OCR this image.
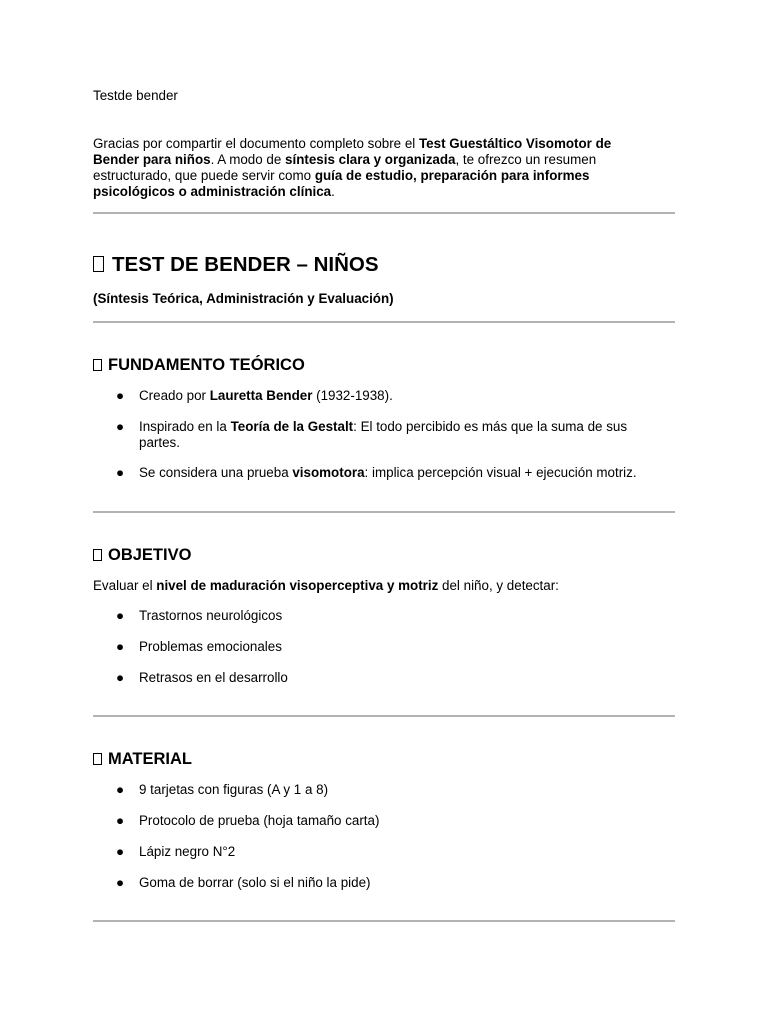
Testde bender
Gracias por compartir el documento completo sobre el Test Guestáltico Visomotor de
Bender para niños. A modo de síntesis clara y organizada, te ofrezco un resumen
estructurado, que puede servir como guía de estudio, preparación para informes
psicológicos o administración clínica.
TEST DE BENDER – NIÑOS
(Síntesis Teórica, Administración y Evaluación)
FUNDAMENTO TEÓRICO
● Creado por Lauretta Bender (1932-1938).
● Inspirado en la Teoría de la Gestalt: El todo percibido es más que la suma de sus
partes.
● Se considera una prueba visomotora: implica percepción visual + ejecución motriz.
OBJETIVO
Evaluar el nivel de maduración visoperceptiva y motriz del niño, y detectar:
● Trastornos neurológicos
● Problemas emocionales
● Retrasos en el desarrollo
MATERIAL
● 9 tarjetas con figuras (A y 1 a 8)
● Protocolo de prueba (hoja tamaño carta)
● Lápiz negro N°2
● Goma de borrar (solo si el niño la pide)
